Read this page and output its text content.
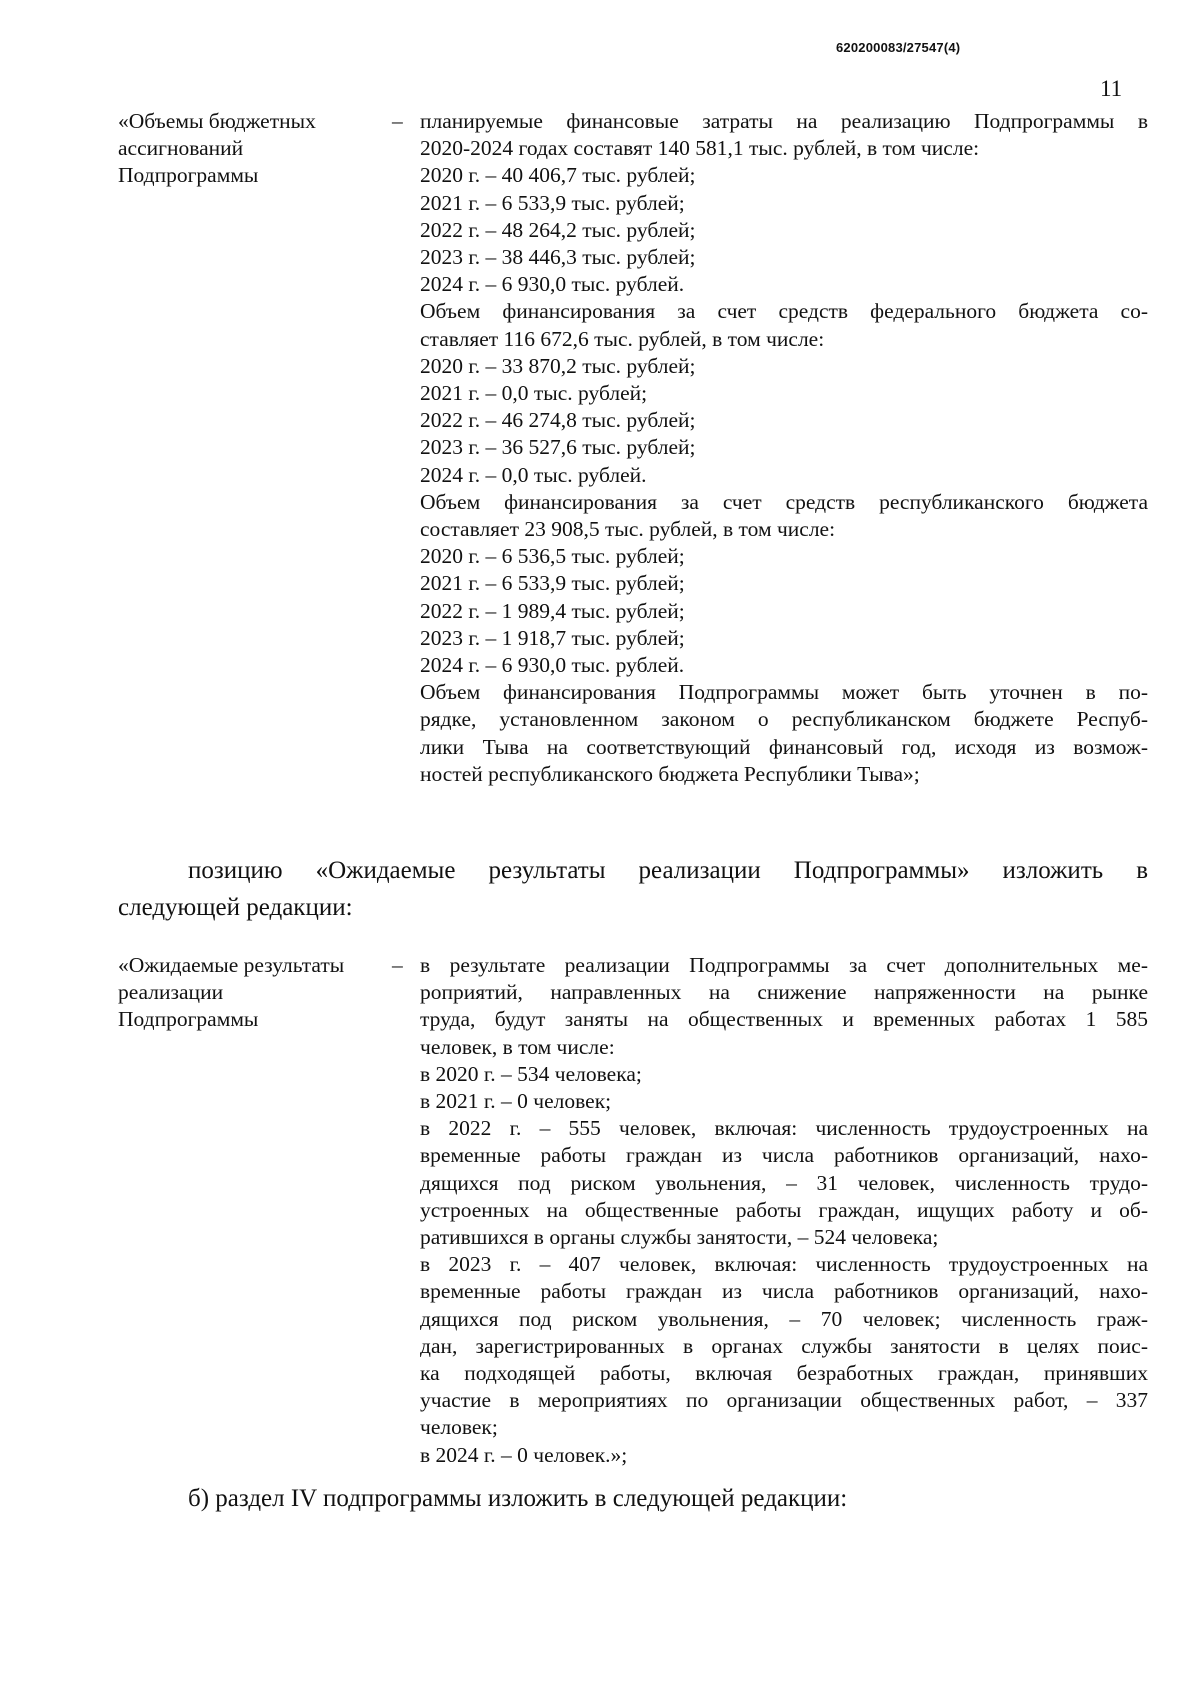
620200083/27547(4)
11
«Объемы бюджетных ассигнований Подпрограммы
– планируемые финансовые затраты на реализацию Подпрограммы в

2020-2024 годах составят 140 581,1 тыс. рублей, в том числе:

2020 г. – 40 406,7 тыс. рублей;

2021 г. – 6 533,9 тыс. рублей;

2022 г. – 48 264,2 тыс. рублей;

2023 г. – 38 446,3 тыс. рублей;

2024 г. – 6 930,0 тыс. рублей.

Объем финансирования за счет средств федерального бюджета со-

ставляет 116 672,6 тыс. рублей, в том числе:

2020 г. – 33 870,2 тыс. рублей;

2021 г. – 0,0 тыс. рублей;

2022 г. – 46 274,8 тыс. рублей;

2023 г. – 36 527,6 тыс. рублей;

2024 г. – 0,0 тыс. рублей.

Объем финансирования за счет средств республиканского бюджета

составляет 23 908,5 тыс. рублей, в том числе:

2020 г. – 6 536,5 тыс. рублей;

2021 г. – 6 533,9 тыс. рублей;

2022 г. – 1 989,4 тыс. рублей;

2023 г. – 1 918,7 тыс. рублей;

2024 г. – 6 930,0 тыс. рублей.

Объем финансирования Подпрограммы может быть уточнен в по-

рядке, установленном законом о республиканском бюджете Респуб-

лики Тыва на соответствующий финансовый год, исходя из возмож-

ностей республиканского бюджета Республики Тыва»;

позицию «Ожидаемые результаты реализации Подпрограммы» изложить в

следующей редакции:

«Ожидаемые результаты реализации Подпрограммы
– в результате реализации Подпрограммы за счет дополнительных ме-

роприятий, направленных на снижение напряженности на рынке

труда, будут заняты на общественных и временных работах 1 585

человек, в том числе:

в 2020 г. – 534 человека;

в 2021 г. – 0 человек;

в 2022 г. – 555 человек, включая: численность трудоустроенных на

временные работы граждан из числа работников организаций, нахо-

дящихся под риском увольнения, – 31 человек, численность трудо-

устроенных на общественные работы граждан, ищущих работу и об-

ратившихся в органы службы занятости, – 524 человека;

в 2023 г. – 407 человек, включая: численность трудоустроенных на

временные работы граждан из числа работников организаций, нахо-

дящихся под риском увольнения, – 70 человек; численность граж-

дан, зарегистрированных в органах службы занятости в целях поис-

ка подходящей работы, включая безработных граждан, принявших

участие в мероприятиях по организации общественных работ, – 337

человек;

в 2024 г. – 0 человек.»;

б) раздел IV подпрограммы изложить в следующей редакции:
